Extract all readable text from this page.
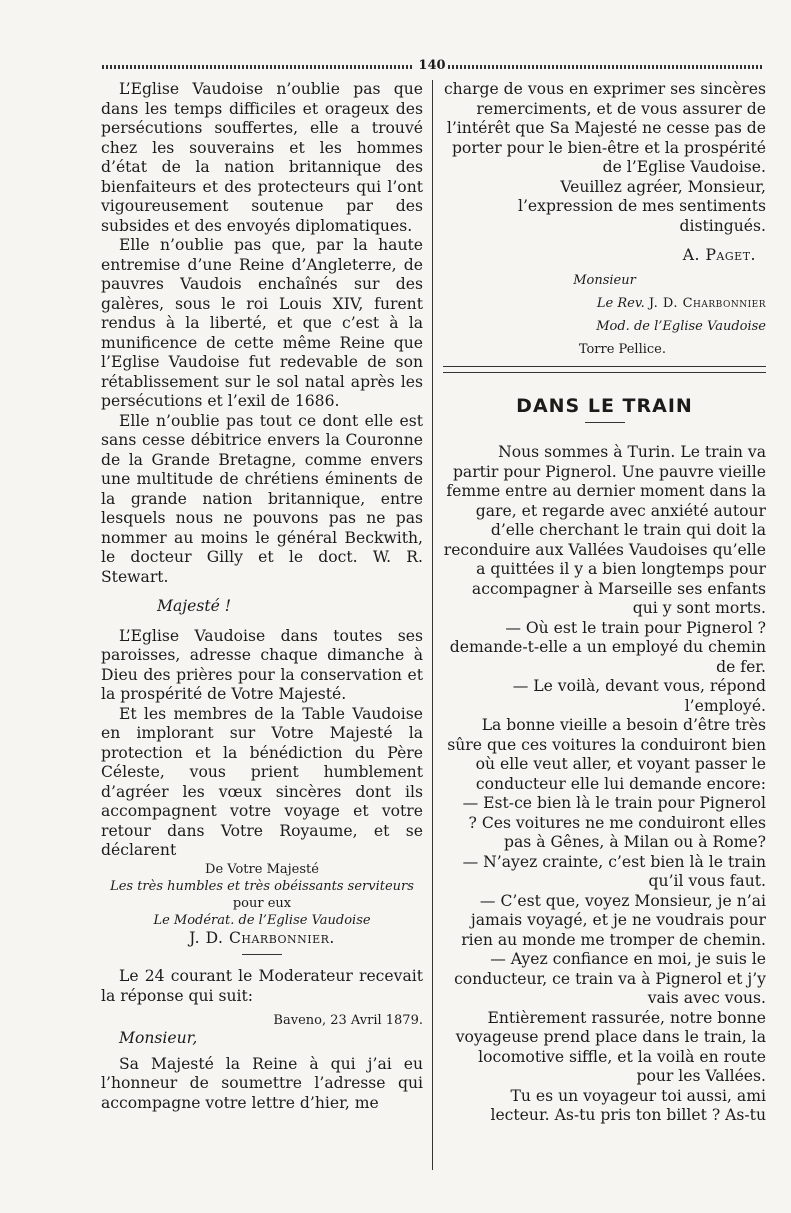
140

L’Eglise Vaudoise n’oublie pas que dans les temps difficiles et orageux des persécutions souffertes, elle a trouvé chez les souverains et les hommes d’état de la nation britannique des bienfaiteurs et des protecteurs qui l’ont vigoureusement soutenue par des subsides et des envoyés diplomatiques.

Elle n’oublie pas que, par la haute entremise d’une Reine d’Angleterre, de pauvres Vaudois enchaînés sur des galères, sous le roi Louis XIV, furent rendus à la liberté, et que c’est à la munificence de cette même Reine que l’Eglise Vaudoise fut redevable de son rétablissement sur le sol natal après les persécutions et l’exil de 1686.

Elle n’oublie pas tout ce dont elle est sans cesse débitrice envers la Couronne de la Grande Bretagne, comme envers une multitude de chrétiens éminents de la grande nation britannique, entre lesquels nous ne pouvons pas ne pas nommer au moins le général Beckwith, le docteur Gilly et le doct. W. R. Stewart.

Majesté !

L’Eglise Vaudoise dans toutes ses paroisses, adresse chaque dimanche à Dieu des prières pour la conservation et la prospérité de Votre Majesté.

Et les membres de la Table Vaudoise en implorant sur Votre Majesté la protection et la bénédiction du Père Céleste, vous prient humblement d’agréer les vœux sincères dont ils accompagnent votre voyage et votre retour dans Votre Royaume, et se déclarent

De Votre Majesté

Les très humbles et très obéissants serviteurs

pour eux

Le Modérat. de l’Eglise Vaudoise

J. D. Charbonnier.

Le 24 courant le Moderateur recevait la réponse qui suit:

Baveno, 23 Avril 1879.

Monsieur,

Sa Majesté la Reine à qui j’ai eu l’honneur de soumettre l’adresse qui accompagne votre lettre d’hier, me

charge de vous en exprimer ses sincères remerciments, et de vous assurer de l’intérêt que Sa Majesté ne cesse pas de porter pour le bien-être et la prospérité de l’Eglise Vaudoise.

Veuillez agréer, Monsieur, l’expression de mes sentiments distingués.

A. Paget.

Monsieur

Le Rev. J. D. Charbonnier

Mod. de l’Eglise Vaudoise

Torre Pellice.

DANS LE TRAIN

Nous sommes à Turin. Le train va partir pour Pignerol. Une pauvre vieille femme entre au dernier moment dans la gare, et regarde avec anxiété autour d’elle cherchant le train qui doit la reconduire aux Vallées Vaudoises qu’elle a quittées il y a bien longtemps pour accompagner à Marseille ses enfants qui y sont morts.

— Où est le train pour Pignerol ? demande-t-elle a un employé du chemin de fer.

— Le voilà, devant vous, répond l’employé.

La bonne vieille a besoin d’être très sûre que ces voitures la conduiront bien où elle veut aller, et voyant passer le conducteur elle lui demande encore:

— Est-ce bien là le train pour Pignerol ? Ces voitures ne me conduiront elles pas à Gênes, à Milan ou à Rome?

— N’ayez crainte, c’est bien là le train qu’il vous faut.

— C’est que, voyez Monsieur, je n’ai jamais voyagé, et je ne voudrais pour rien au monde me tromper de chemin.

— Ayez confiance en moi, je suis le conducteur, ce train va à Pignerol et j’y vais avec vous.

Entièrement rassurée, notre bonne voyageuse prend place dans le train, la locomotive siffle, et la voilà en route pour les Vallées.

Tu es un voyageur toi aussi, ami lecteur. As-tu pris ton billet ? As-tu
